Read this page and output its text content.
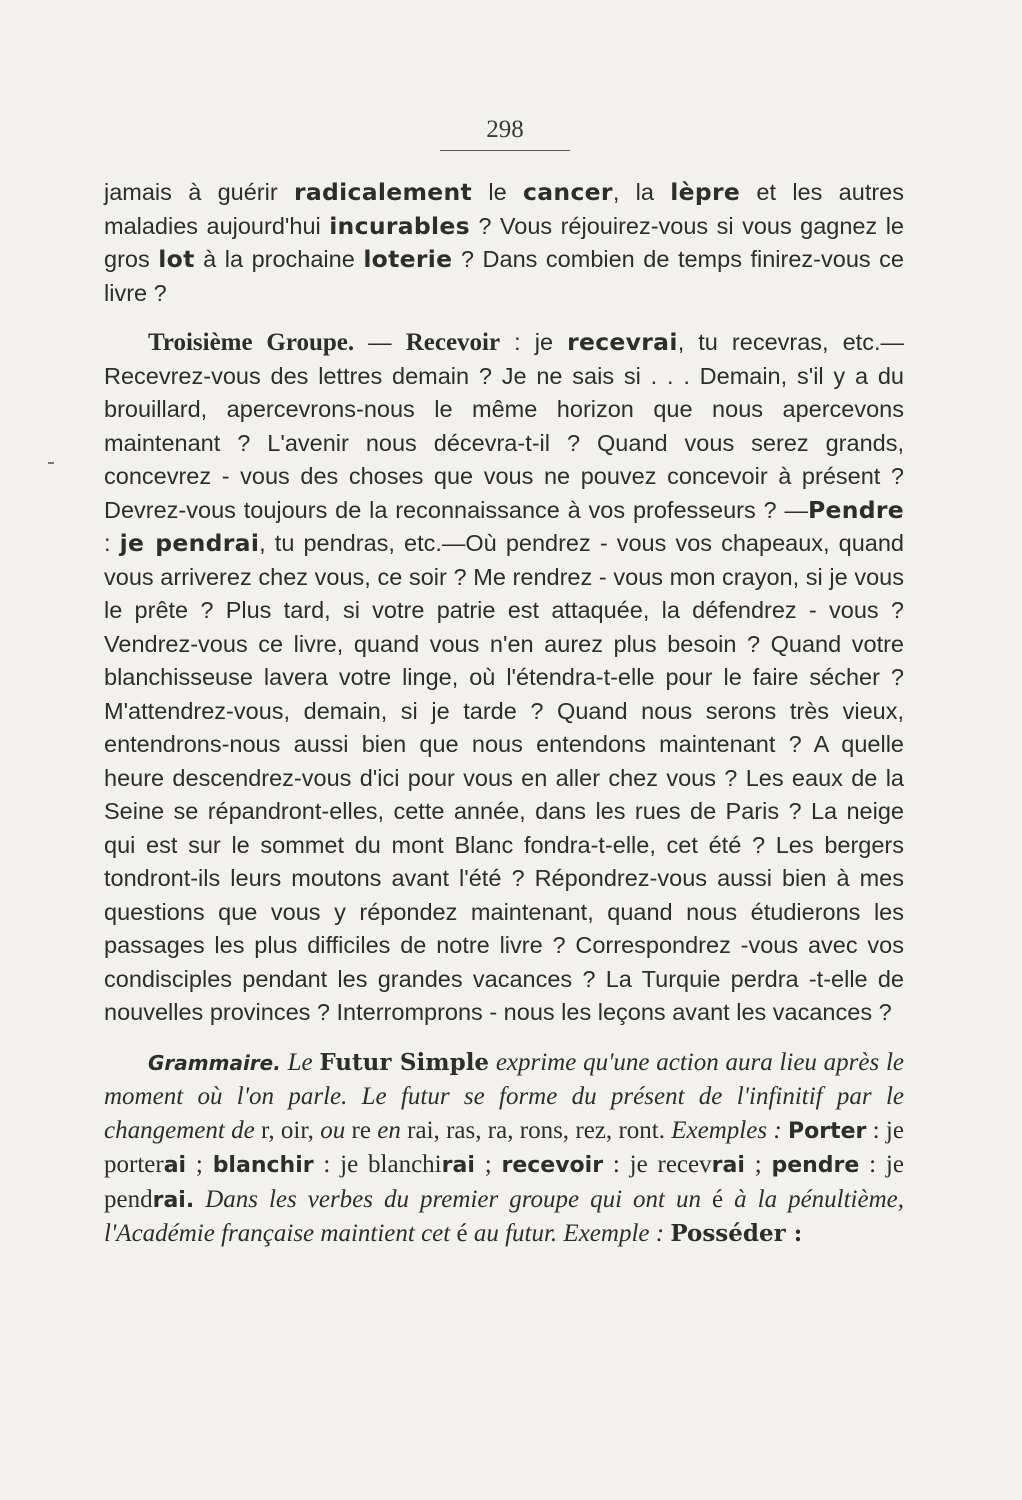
298

jamais à guérir radicalement le cancer, la lèpre et les autres maladies aujourd'hui incurables ? Vous réjouirez-vous si vous gagnez le gros lot à la prochaine loterie ? Dans combien de temps finirez-vous ce livre ?

Troisième Groupe. — Recevoir : je recevrai, tu recevras, etc.—Recevrez-vous des lettres demain ? Je ne sais si . . . Demain, s'il y a du brouillard, apercevrons-nous le même horizon que nous apercevons maintenant ? L'avenir nous décevra-t-il ? Quand vous serez grands, concevrez - vous des choses que vous ne pouvez concevoir à présent ? Devrez-vous toujours de la reconnaissance à vos professeurs ? —Pendre : je pendrai, tu pendras, etc.—Où pendrez - vous vos chapeaux, quand vous arriverez chez vous, ce soir ? Me rendrez - vous mon crayon, si je vous le prête ? Plus tard, si votre patrie est attaquée, la défendrez - vous ? Vendrez-vous ce livre, quand vous n'en aurez plus besoin ? Quand votre blanchisseuse lavera votre linge, où l'étendra-t-elle pour le faire sécher ? M'attendrez-vous, demain, si je tarde ? Quand nous serons très vieux, entendrons-nous aussi bien que nous entendons maintenant ? A quelle heure descendrez-vous d'ici pour vous en aller chez vous ? Les eaux de la Seine se répandront-elles, cette année, dans les rues de Paris ? La neige qui est sur le sommet du mont Blanc fondra-t-elle, cet été ? Les bergers tondront-ils leurs moutons avant l'été ? Répondrez-vous aussi bien à mes questions que vous y répondez maintenant, quand nous étudierons les passages les plus difficiles de notre livre ? Correspondrez -vous avec vos condisciples pendant les grandes vacances ? La Turquie perdra -t-elle de nouvelles provinces ? Interromprons - nous les leçons avant les vacances ?

Grammaire. Le Futur Simple exprime qu'une action aura lieu après le moment où l'on parle. Le futur se forme du présent de l'infinitif par le changement de r, oir, ou re en rai, ras, ra, rons, rez, ront. Exemples : Porter : je porterai ; blanchir : je blanchirai ; recevoir : je recevrai ; pendre : je pendrai. Dans les verbes du premier groupe qui ont un é à la pénultième, l'Académie française maintient cet é au futur. Exemple : Posséder :
